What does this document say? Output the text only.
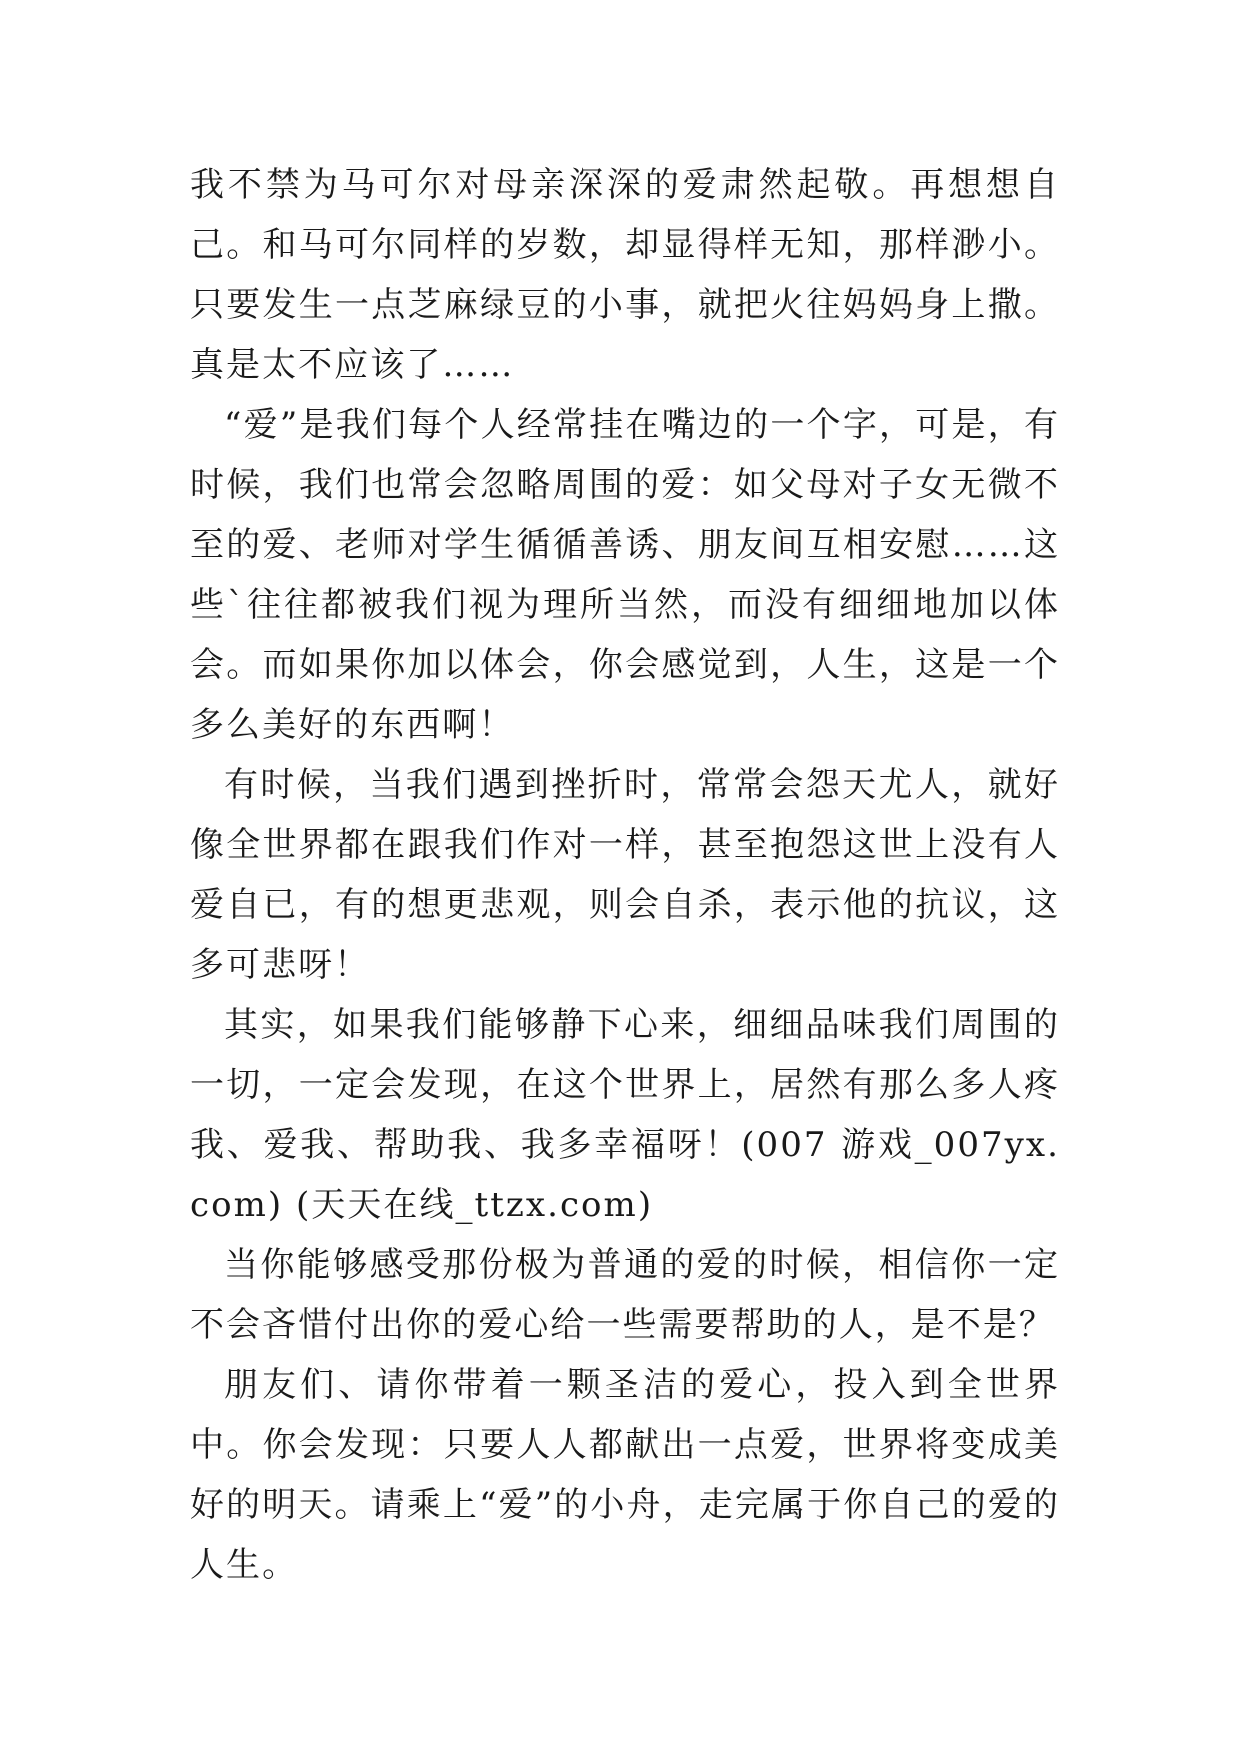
我不禁为马可尔对母亲深深的爱肃然起敬。再想想自己。和马可尔同样的岁数，却显得样无知，那样渺小。只要发生一点芝麻绿豆的小事，就把火往妈妈身上撒。真是太不应该了……

“爱”是我们每个人经常挂在嘴边的一个字，可是，有时候，我们也常会忽略周围的爱：如父母对子女无微不至的爱、老师对学生循循善诱、朋友间互相安慰……这些`往往都被我们视为理所当然，而没有细细地加以体会。而如果你加以体会，你会感觉到，人生，这是一个多么美好的东西啊！

有时候，当我们遇到挫折时，常常会怨天尤人，就好像全世界都在跟我们作对一样，甚至抱怨这世上没有人爱自已，有的想更悲观，则会自杀，表示他的抗议，这多可悲呀！

其实，如果我们能够静下心来，细细品味我们周围的一切，一定会发现，在这个世界上，居然有那么多人疼我、爱我、帮助我、我多幸福呀！(007 游戏_007yx.com) (天天在线_ttzx.com)

当你能够感受那份极为普通的爱的时候，相信你一定不会吝惜付出你的爱心给一些需要帮助的人，是不是？

朋友们、请你带着一颗圣洁的爱心，投入到全世界中。你会发现：只要人人都献出一点爱，世界将变成美好的明天。请乘上“爱”的小舟，走完属于你自己的爱的人生。
